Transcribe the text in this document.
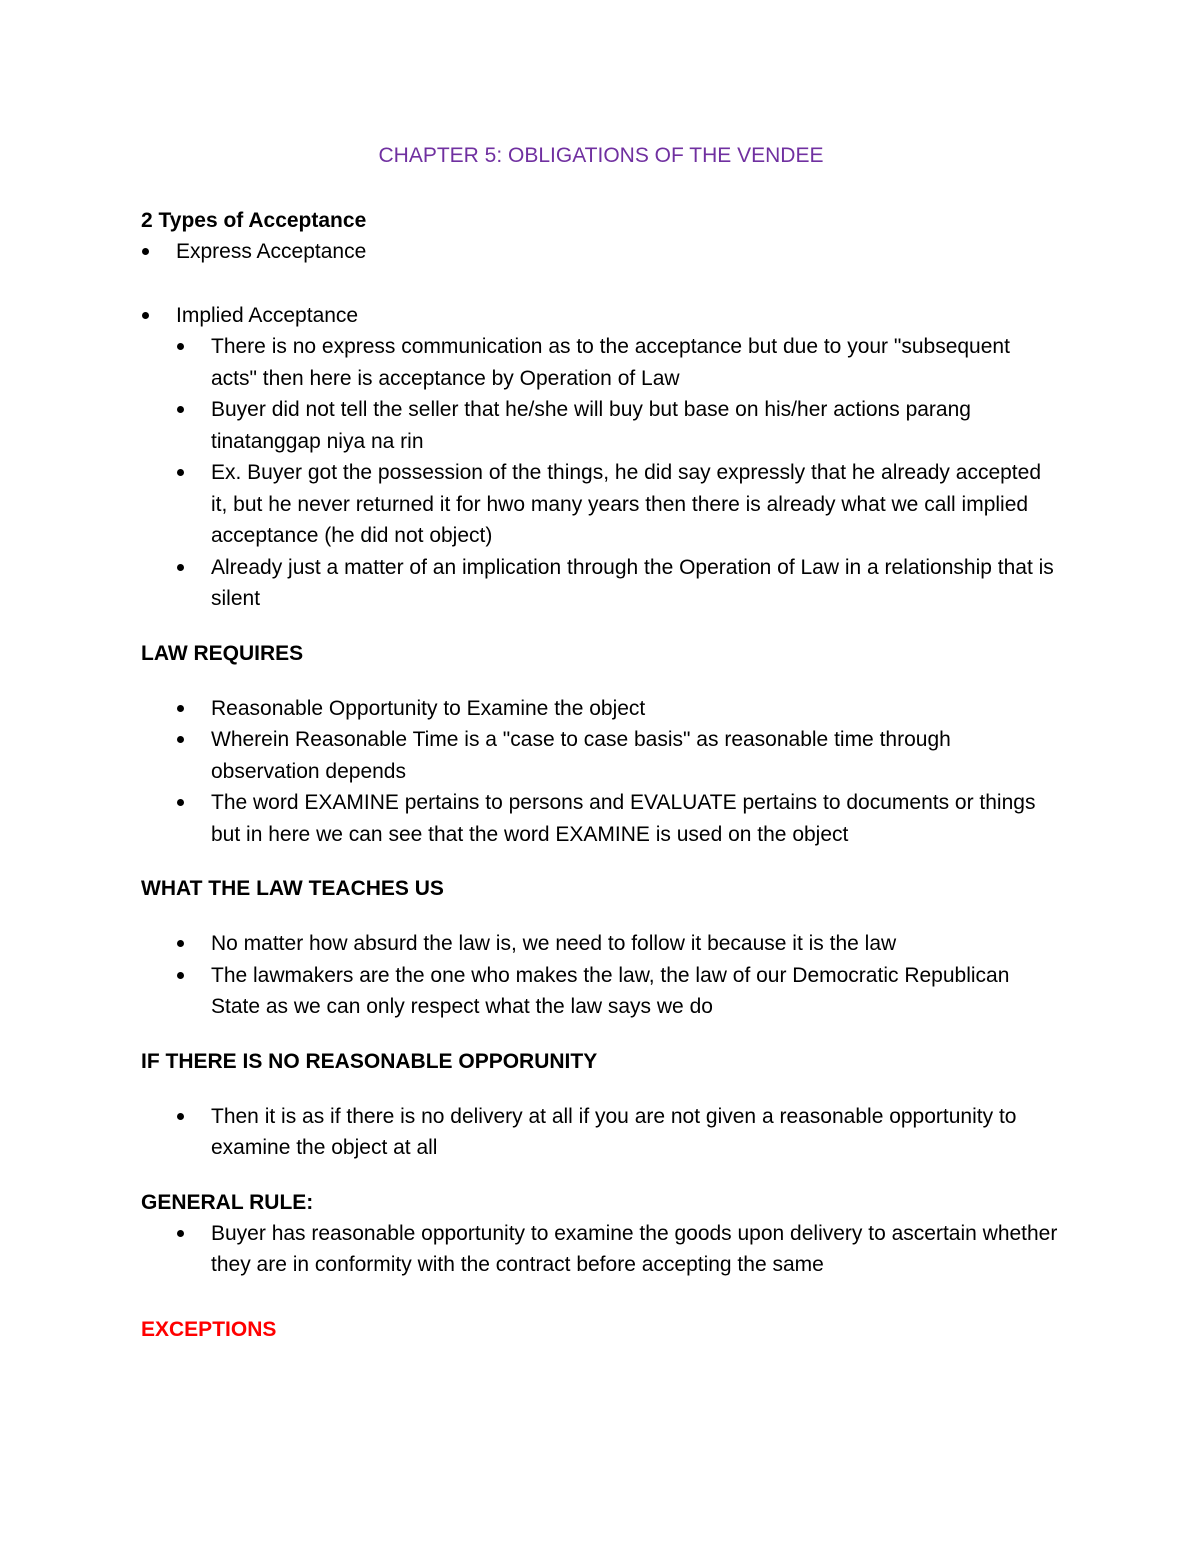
CHAPTER 5: OBLIGATIONS OF THE VENDEE
2 Types of Acceptance
Express Acceptance
Implied Acceptance
There is no express communication as to the acceptance but due to your "subsequent acts" then here is acceptance by Operation of Law
Buyer did not tell the seller that he/she will buy but base on his/her actions parang tinatanggap niya na rin
Ex. Buyer got the possession of the things, he did say expressly that he already accepted it, but he never returned it for hwo many years then there is already what we call implied acceptance (he did not object)
Already just a matter of an implication through the Operation of Law in a relationship that is silent
LAW REQUIRES
Reasonable Opportunity to Examine the object
Wherein Reasonable Time is a "case to case basis" as reasonable time through observation depends
The word EXAMINE pertains to persons and EVALUATE pertains to documents or things but in here we can see that the word EXAMINE is used on the object
WHAT THE LAW TEACHES US
No matter how absurd the law is, we need to follow it because it is the law
The lawmakers are the one who makes the law, the law of our Democratic Republican State as we can only respect what the law says we do
IF THERE IS NO REASONABLE OPPORUNITY
Then it is as if there is no delivery at all if you are not given a reasonable opportunity to examine the object at all
GENERAL RULE:
Buyer has reasonable opportunity to examine the goods upon delivery to ascertain whether they are in conformity with the contract before accepting the same
EXCEPTIONS
